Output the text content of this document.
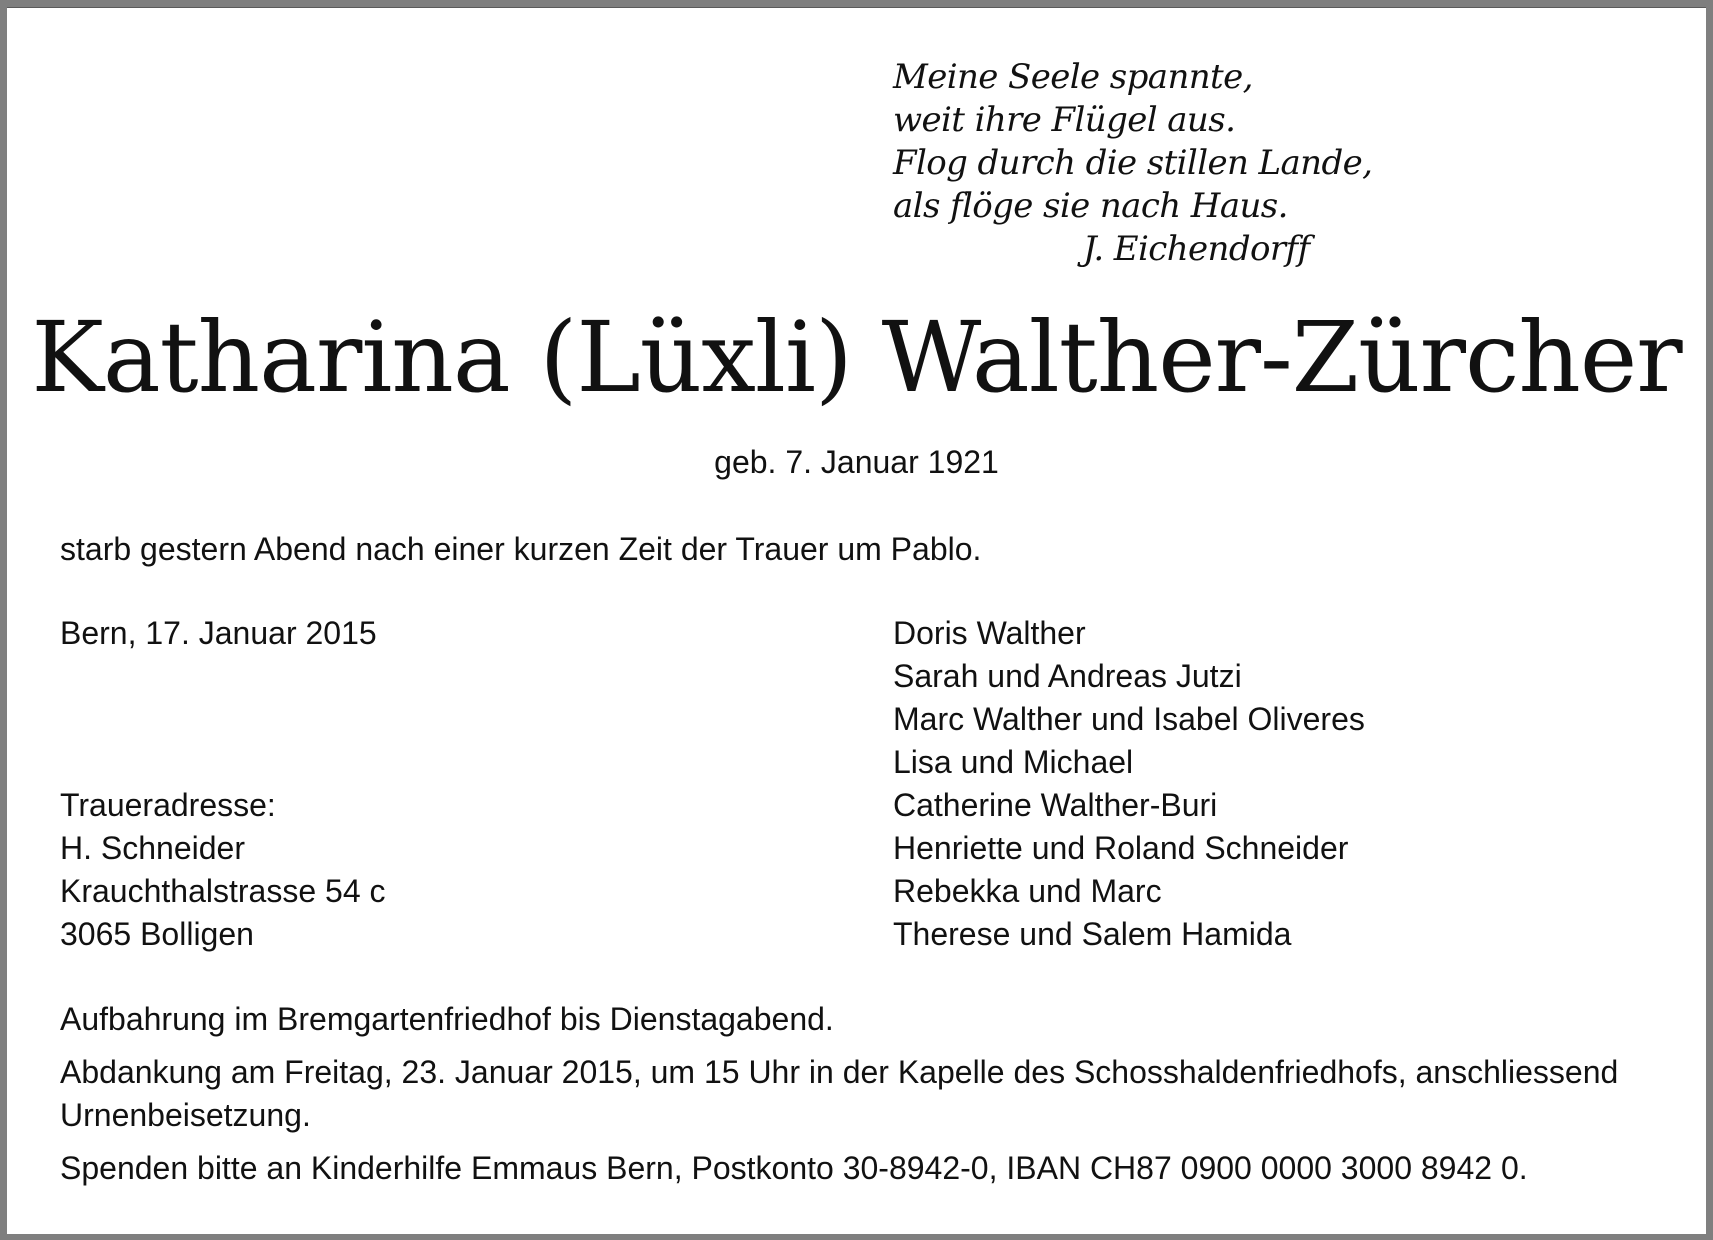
Meine Seele spannte,
weit ihre Flügel aus.
Flog durch die stillen Lande,
als flöge sie nach Haus.
J. Eichendorff
Katharina (Lüxli) Walther-Zürcher
geb. 7. Januar 1921
starb gestern Abend nach einer kurzen Zeit der Trauer um Pablo.
Bern, 17. Januar 2015
Traueradresse:
H. Schneider
Krauchthalstrasse 54 c
3065 Bolligen
Doris Walther
Sarah und Andreas Jutzi
Marc Walther und Isabel Oliveres
Lisa und Michael
Catherine Walther-Buri
Henriette und Roland Schneider
Rebekka und Marc
Therese und Salem Hamida

Aufbahrung im Bremgartenfriedhof bis Dienstagabend.

Abdankung am Freitag, 23. Januar 2015, um 15 Uhr in der Kapelle des Schosshaldenfriedhofs, anschliessend Urnenbeisetzung.

Spenden bitte an Kinderhilfe Emmaus Bern, Postkonto 30-8942-0, IBAN CH87 0900 0000 3000 8942 0.
